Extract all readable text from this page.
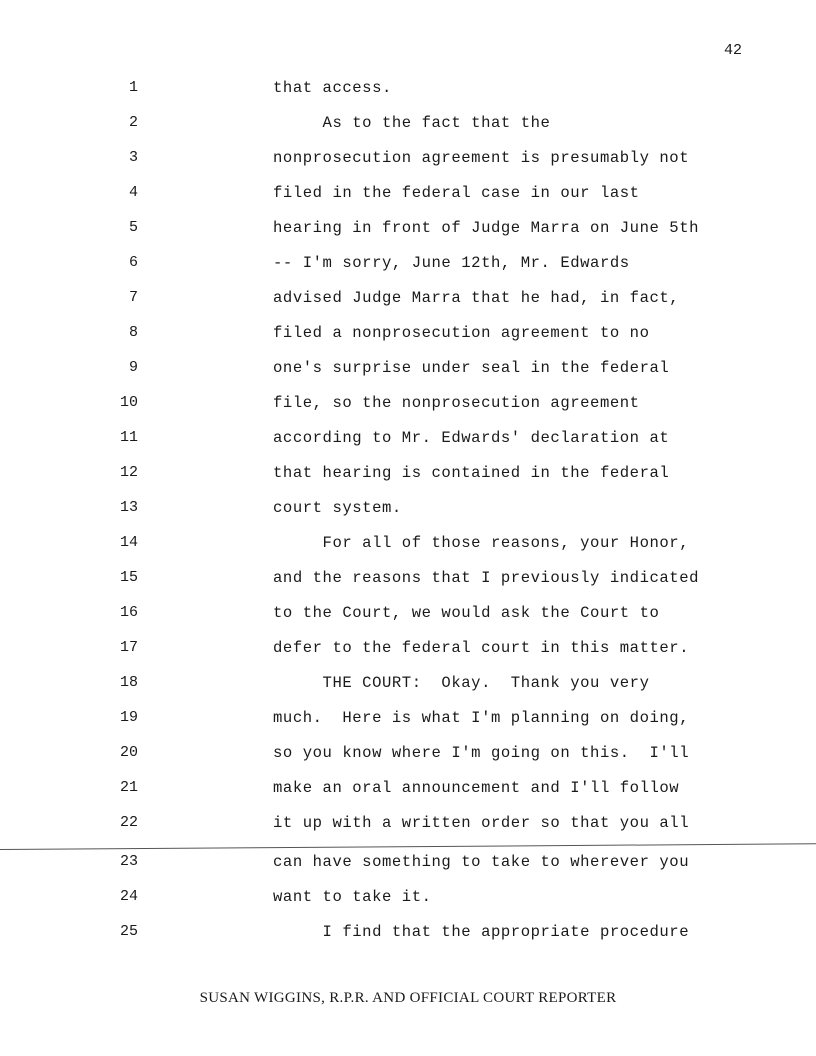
42
1	that access.
2	As to the fact that the
3	nonprosecution agreement is presumably not
4	filed in the federal case in our last
5	hearing in front of Judge Marra on June 5th
6	-- I'm sorry, June 12th, Mr. Edwards
7	advised Judge Marra that he had, in fact,
8	filed a nonprosecution agreement to no
9	one's surprise under seal in the federal
10	file, so the nonprosecution agreement
11	according to Mr. Edwards' declaration at
12	that hearing is contained in the federal
13	court system.
14	For all of those reasons, your Honor,
15	and the reasons that I previously indicated
16	to the Court, we would ask the Court to
17	defer to the federal court in this matter.
18	THE COURT:  Okay.  Thank you very
19	much.  Here is what I'm planning on doing,
20	so you know where I'm going on this.  I'll
21	make an oral announcement and I'll follow
22	it up with a written order so that you all
23	can have something to take to wherever you
24	want to take it.
25	I find that the appropriate procedure
SUSAN WIGGINS, R.P.R. AND OFFICIAL COURT REPORTER
